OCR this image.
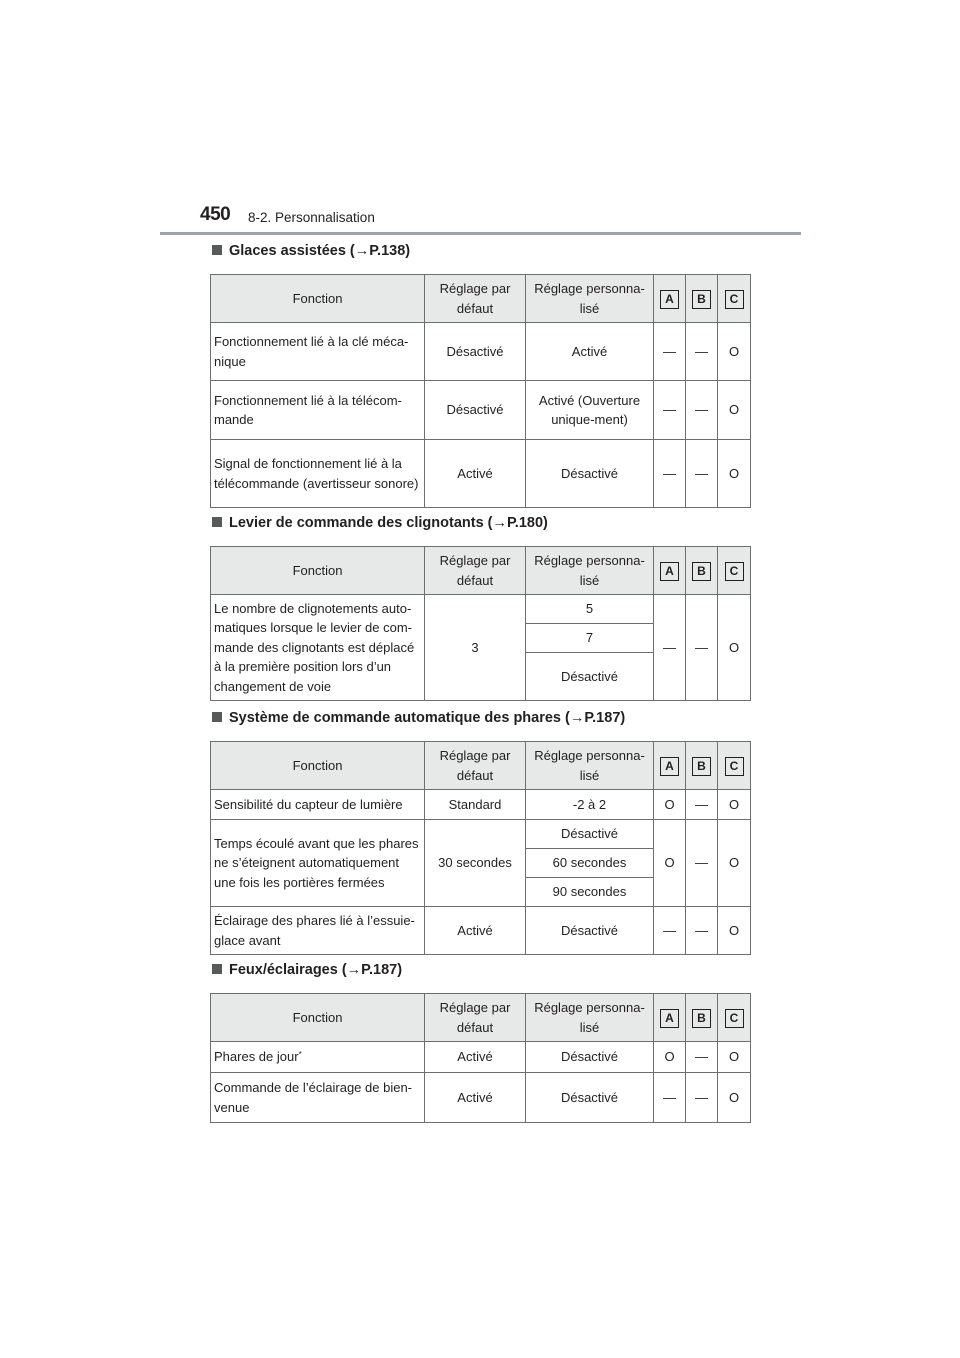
450 8-2. Personnalisation
Glaces assistées (→P.138)
Fonction	Réglage par défaut	Réglage personna-lisé	A	B	C
Fonctionnement lié à la clé méca-nique	Désactivé	Activé	—	—	O
Fonctionnement lié à la télécom-mande	Désactivé	Activé (Ouverture unique-ment)	—	—	O
Signal de fonctionnement lié à la télécommande (avertisseur sonore)	Activé	Désactivé	—	—	O
Levier de commande des clignotants (→P.180)
Fonction	Réglage par défaut	Réglage personna-lisé	A	B	C
Le nombre de clignotements auto-matiques lorsque le levier de com-mande des clignotants est déplacé à la première position lors d’un changement de voie	3	5	—	—	O
		7			
		Désactivé			
Système de commande automatique des phares (→P.187)
Fonction	Réglage par défaut	Réglage personna-lisé	A	B	C
Sensibilité du capteur de lumière	Standard	-2 à 2	O	—	O
Temps écoulé avant que les phares ne s’éteignent automatiquement une fois les portières fermées	30 secondes	Désactivé	O	—	O
		60 secondes			
		90 secondes			
Éclairage des phares lié à l’essuie-glace avant	Activé	Désactivé	—	—	O
Feux/éclairages (→P.187)
Fonction	Réglage par défaut	Réglage personna-lisé	A	B	C
Phares de jour*	Activé	Désactivé	O	—	O
Commande de l’éclairage de bien-venue	Activé	Désactivé	—	—	O
